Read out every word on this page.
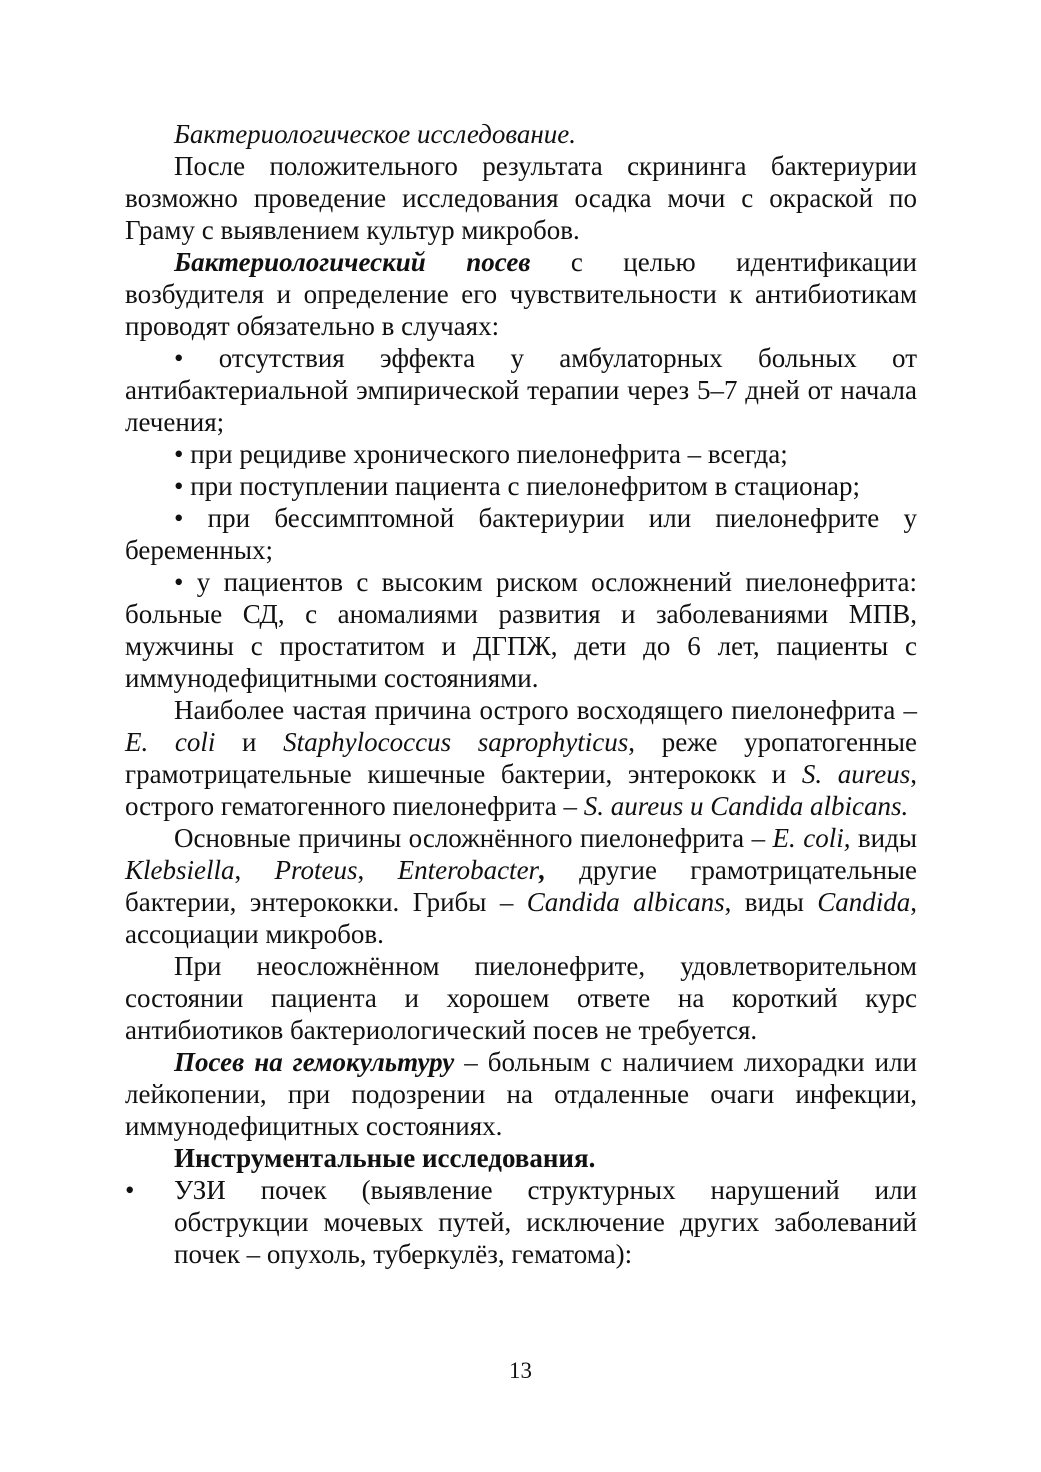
Бактериологическое исследование.

После положительного результата скрининга бактериурии возможно проведение исследования осадка мочи с окраской по Граму с выявлением культур микробов.

Бактериологический посев с целью идентификации возбудителя и определение его чувствительности к антибиотикам проводят обязательно в случаях:

• отсутствия эффекта у амбулаторных больных от антибактериальной эмпирической терапии через 5–7 дней от начала лечения;

• при рецидиве хронического пиелонефрита – всегда;

• при поступлении пациента с пиелонефритом в стационар;

• при бессимптомной бактериурии или пиелонефрите у беременных;

• у пациентов с высоким риском осложнений пиелонефрита: больные СД, с аномалиями развития и заболеваниями МПВ, мужчины с простатитом и ДГПЖ, дети до 6 лет, пациенты с иммунодефицитными состояниями.

Наиболее частая причина острого восходящего пиелонефрита – E. coli и Staphylococcus saprophyticus, реже уропатогенные грамотрицательные кишечные бактерии, энтерококк и S. aureus, острого гематогенного пиелонефрита – S. aureus и Candida albicans.

Основные причины осложнённого пиелонефрита – E. coli, виды Klebsiella, Proteus, Enterobacter, другие грамотрицательные бактерии, энтерококки. Грибы – Candida albicans, виды Candida, ассоциации микробов.

При неосложнённом пиелонефрите, удовлетворительном состоянии пациента и хорошем ответе на короткий курс антибиотиков бактериологический посев не требуется.

Посев на гемокультуру – больным с наличием лихорадки или лейкопении, при подозрении на отдаленные очаги инфекции, иммунодефицитных состояниях.

Инструментальные исследования.

•	УЗИ почек (выявление структурных нарушений или обструкции мочевых путей, исключение других заболеваний почек – опухоль, туберкулёз, гематома):
13
